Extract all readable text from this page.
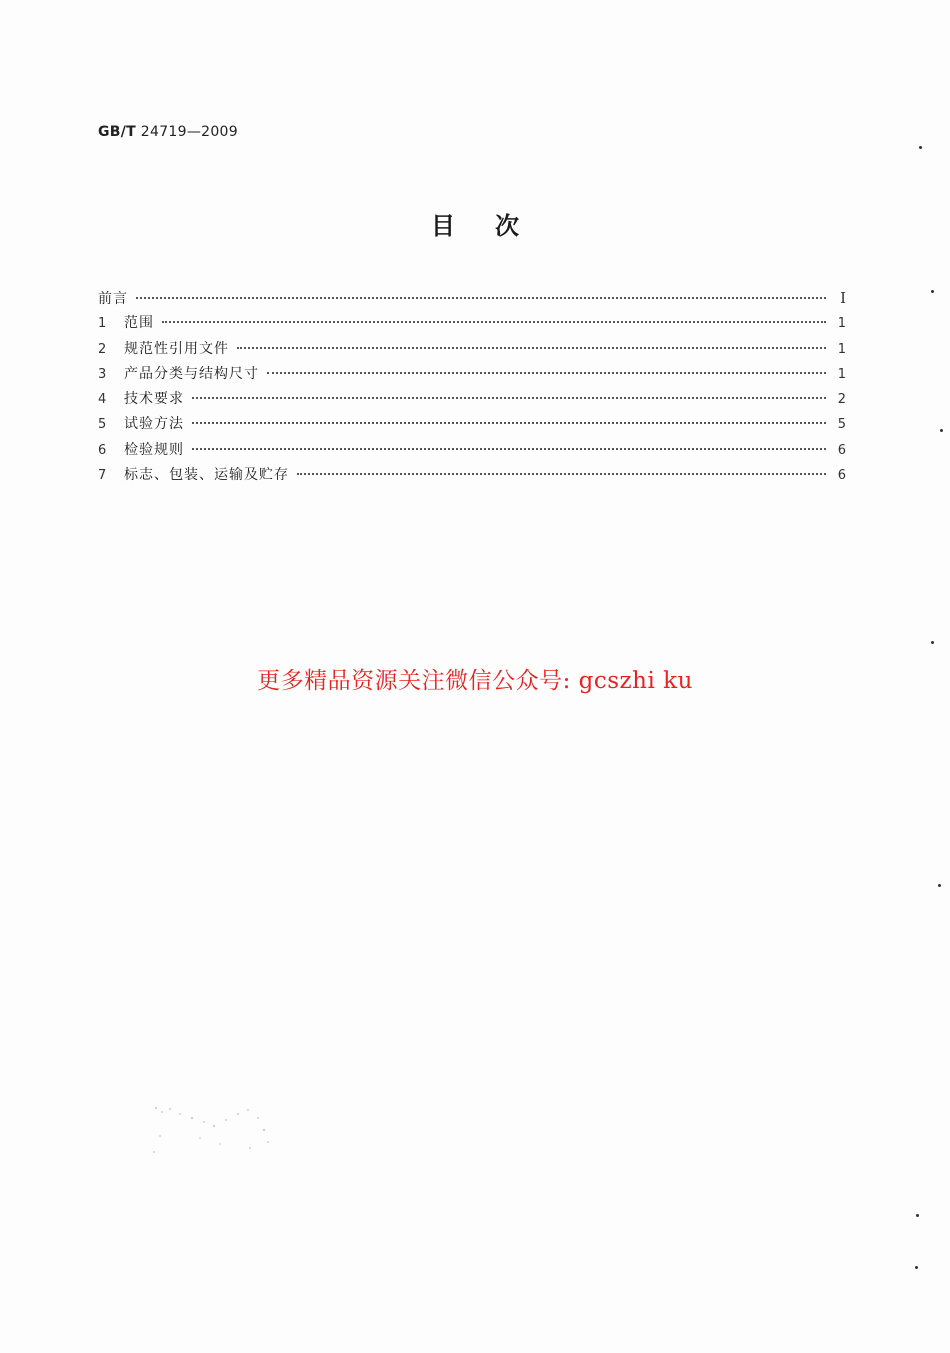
GB/T 24719—2009
目次
前言	I
1	范围	1
2	规范性引用文件	1
3	产品分类与结构尺寸	1
4	技术要求	2
5	试验方法	5
6	检验规则	6
7	标志、包装、运输及贮存	6
更多精品资源关注微信公众号: gcszhi ku
